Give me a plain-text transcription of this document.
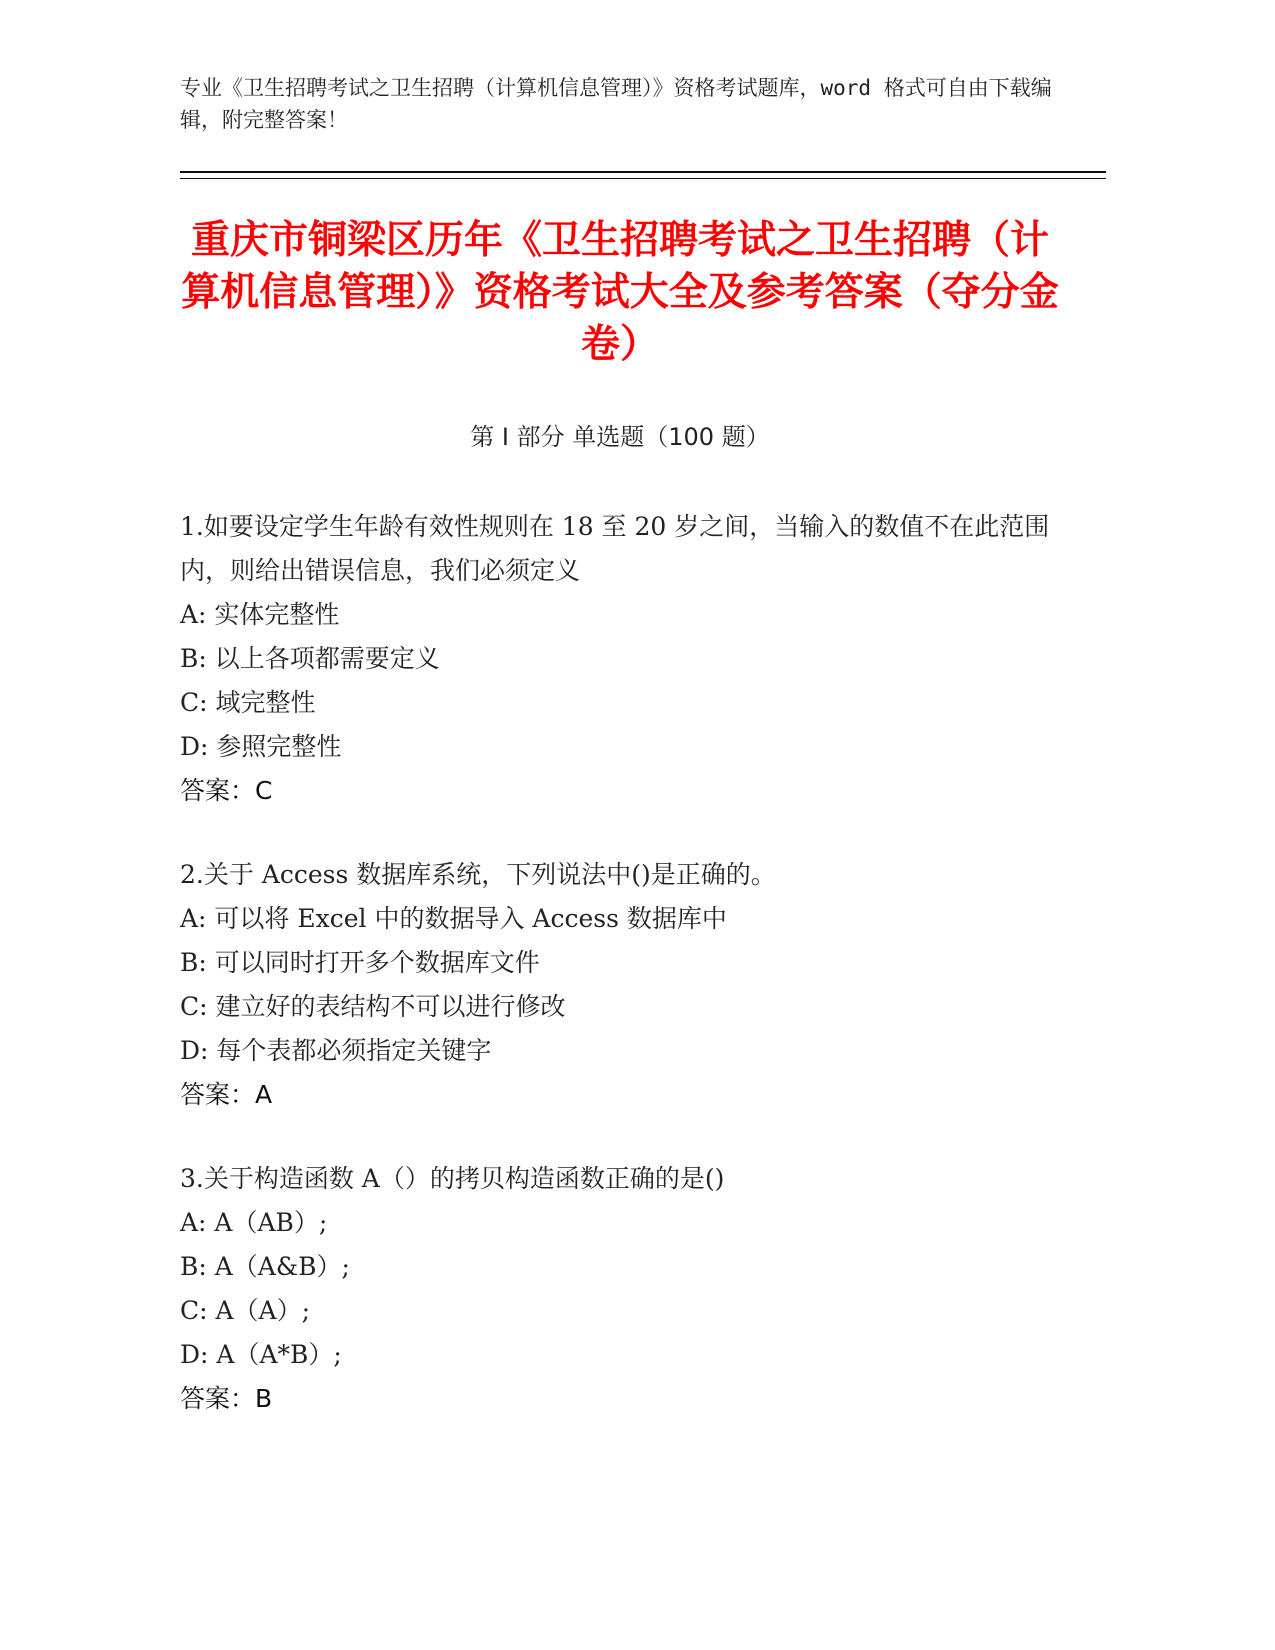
专业《卫生招聘考试之卫生招聘（计算机信息管理）》资格考试题库，word 格式可自由下载编辑，附完整答案！
重庆市铜梁区历年《卫生招聘考试之卫生招聘（计算机信息管理）》资格考试大全及参考答案（夺分金卷）
第 I 部分 单选题（100 题）
1.如要设定学生年龄有效性规则在 18 至 20 岁之间，当输入的数值不在此范围内，则给出错误信息，我们必须定义
A: 实体完整性
B: 以上各项都需要定义
C: 域完整性
D: 参照完整性
答案：C
2.关于 Access 数据库系统，下列说法中()是正确的。
A: 可以将 Excel 中的数据导入 Access 数据库中
B: 可以同时打开多个数据库文件
C: 建立好的表结构不可以进行修改
D: 每个表都必须指定关键字
答案：A
3.关于构造函数 A（）的拷贝构造函数正确的是()
A: A（AB）;
B: A（A&B）;
C: A（A）;
D: A（A*B）;
答案：B
